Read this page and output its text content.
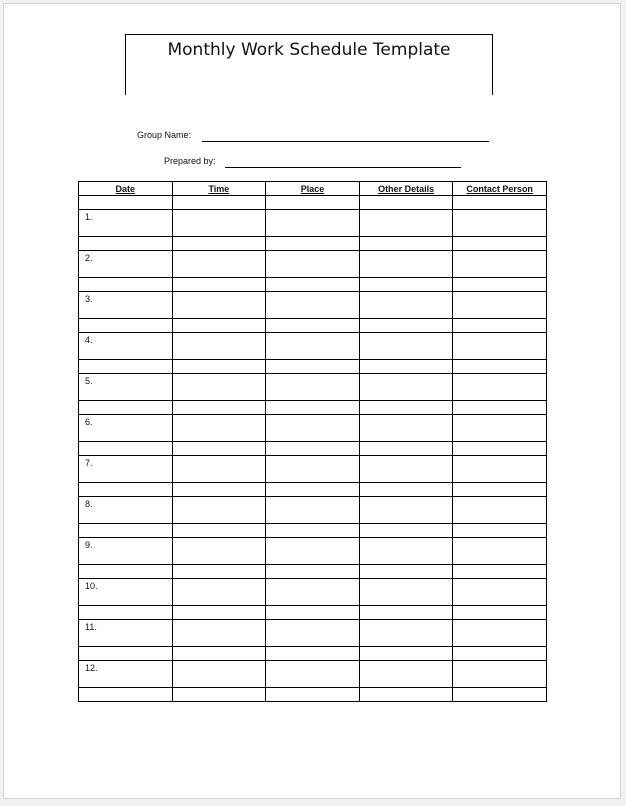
Monthly Work Schedule Template
Group Name:
Prepared by:
Date	Time	Place	Other Details	Contact Person

1.				

2.				

3.				

4.				

5.				

6.				

7.				

8.				

9.				

10.				

11.				

12.				
